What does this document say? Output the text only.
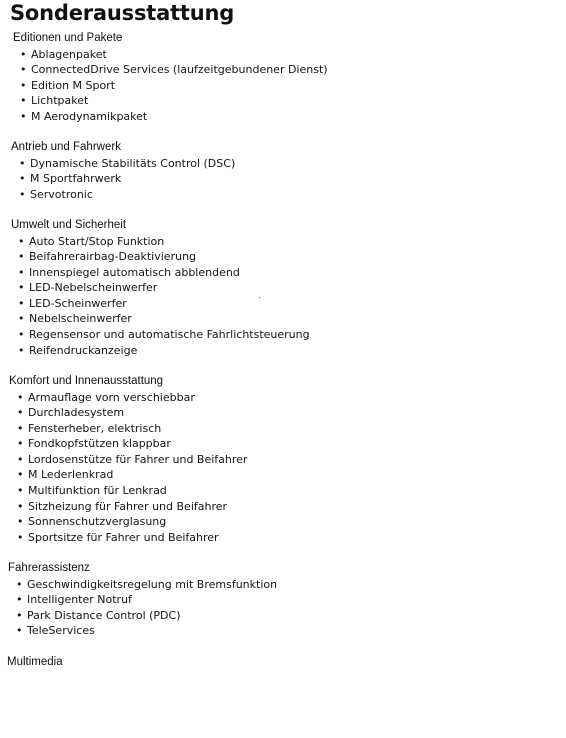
Sonderausstattung
Editionen und Pakete
• Ablagenpaket
• ConnectedDrive Services (laufzeitgebundener Dienst)
• Edition M Sport
• Lichtpaket
• M Aerodynamikpaket
Antrieb und Fahrwerk
• Dynamische Stabilitäts Control (DSC)
• M Sportfahrwerk
• Servotronic
Umwelt und Sicherheit
• Auto Start/Stop Funktion
• Beifahrerairbag-Deaktivierung
• Innenspiegel automatisch abblendend
• LED-Nebelscheinwerfer
• LED-Scheinwerfer
• Nebelscheinwerfer
• Regensensor und automatische Fahrlichtsteuerung
• Reifendruckanzeige
Komfort und Innenausstattung
• Armauflage vorn verschiebbar
• Durchladesystem
• Fensterheber, elektrisch
• Fondkopfstützen klappbar
• Lordosenstütze für Fahrer und Beifahrer
• M Lederlenkrad
• Multifunktion für Lenkrad
• Sitzheizung für Fahrer und Beifahrer
• Sonnenschutzverglasung
• Sportsitze für Fahrer und Beifahrer
Fahrerassistenz
• Geschwindigkeitsregelung mit Bremsfunktion
• Intelligenter Notruf
• Park Distance Control (PDC)
• TeleServices
Multimedia
